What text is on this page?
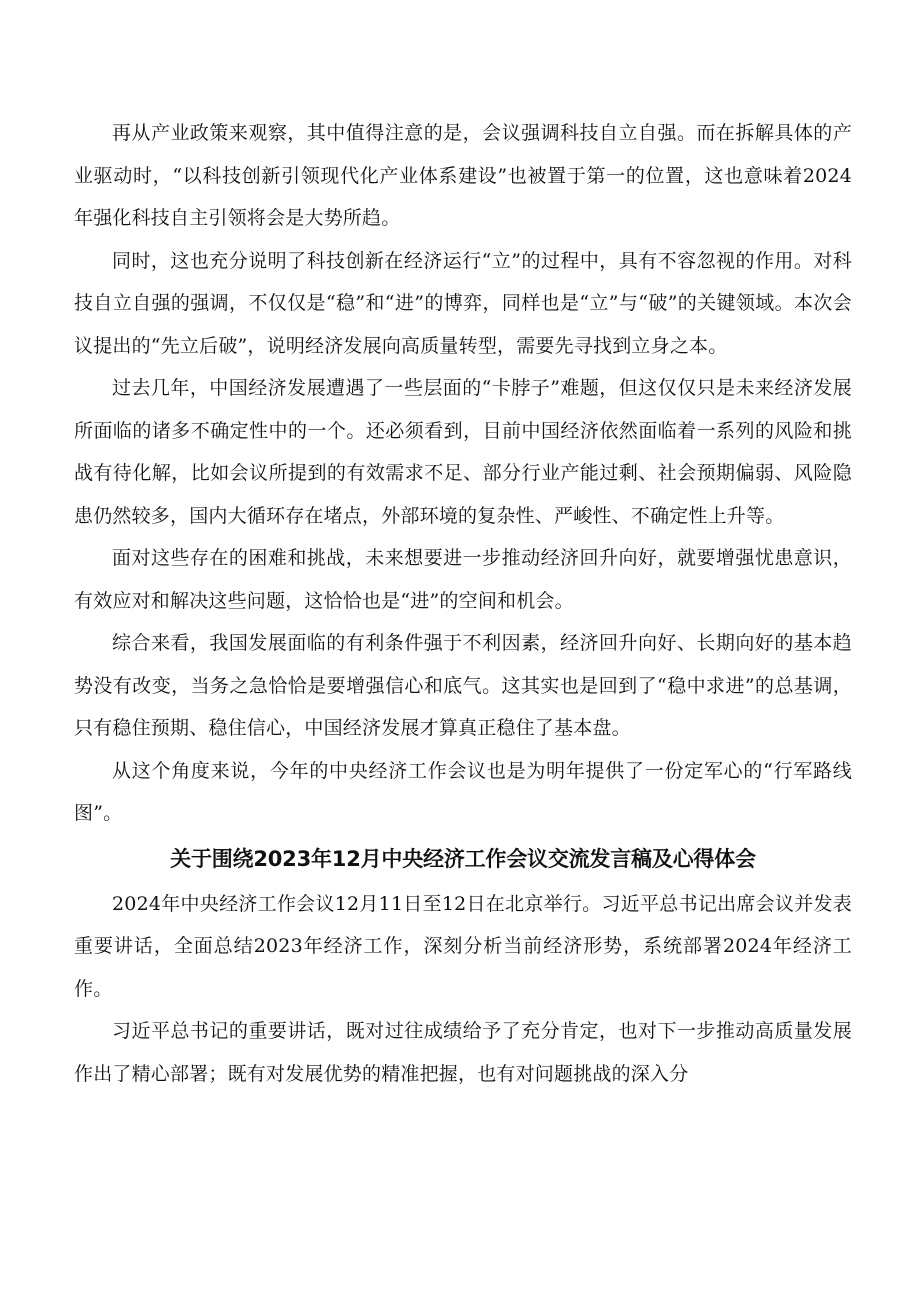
再从产业政策来观察，其中值得注意的是，会议强调科技自立自强。而在拆解具体的产业驱动时，“以科技创新引领现代化产业体系建设”也被置于第一的位置，这也意味着2024年强化科技自主引领将会是大势所趋。

同时，这也充分说明了科技创新在经济运行“立”的过程中，具有不容忽视的作用。对科技自立自强的强调，不仅仅是“稳”和“进”的博弈，同样也是“立”与“破”的关键领域。本次会议提出的“先立后破”，说明经济发展向高质量转型，需要先寻找到立身之本。

过去几年，中国经济发展遭遇了一些层面的“卡脖子”难题，但这仅仅只是未来经济发展所面临的诸多不确定性中的一个。还必须看到，目前中国经济依然面临着一系列的风险和挑战有待化解，比如会议所提到的有效需求不足、部分行业产能过剩、社会预期偏弱、风险隐患仍然较多，国内大循环存在堵点，外部环境的复杂性、严峻性、不确定性上升等。

面对这些存在的困难和挑战，未来想要进一步推动经济回升向好，就要增强忧患意识，有效应对和解决这些问题，这恰恰也是“进”的空间和机会。

综合来看，我国发展面临的有利条件强于不利因素，经济回升向好、长期向好的基本趋势没有改变，当务之急恰恰是要增强信心和底气。这其实也是回到了“稳中求进”的总基调，只有稳住预期、稳住信心，中国经济发展才算真正稳住了基本盘。

从这个角度来说，今年的中央经济工作会议也是为明年提供了一份定军心的“行军路线图”。

关于围绕2023年12月中央经济工作会议交流发言稿及心得体会

2024年中央经济工作会议12月11日至12日在北京举行。习近平总书记出席会议并发表重要讲话，全面总结2023年经济工作，深刻分析当前经济形势，系统部署2024年经济工作。

习近平总书记的重要讲话，既对过往成绩给予了充分肯定，也对下一步推动高质量发展作出了精心部署；既有对发展优势的精准把握，也有对问题挑战的深入分
